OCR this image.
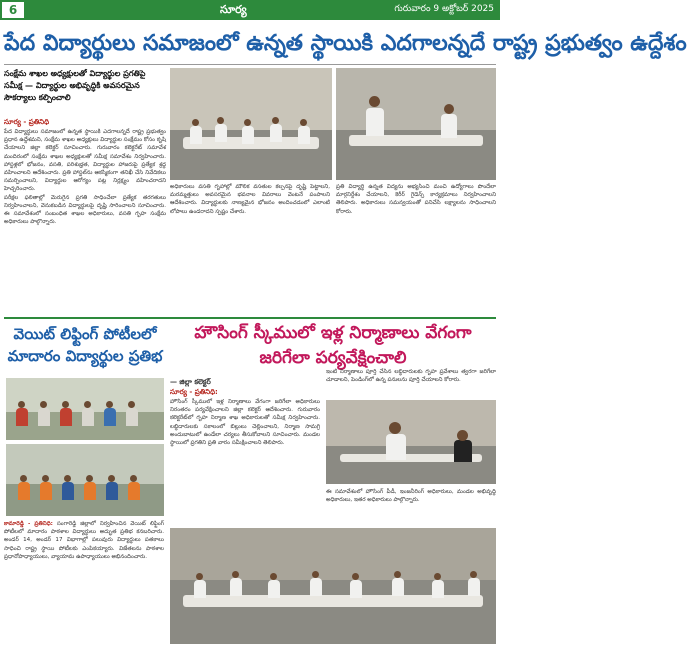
6	సూర్య	గురువారం 9 అక్టోబర్ 2025
పేద విద్యార్థులు సమాజంలో ఉన్నత స్థాయికి ఎదగాలన్నదే రాష్ట్ర ప్రభుత్వం ఉద్దేశం
సంక్షేమ శాఖల అధ్యక్షులతో విద్యార్థుల ప్రగతిపై సమీక్ష — విద్యార్థుల అభివృద్ధికి అవసరమైన సౌకర్యాలు కల్పించాలి
సూర్య - ప్రతినిధి

పేద విద్యార్థులు సమాజంలో ఉన్నత స్థాయికి ఎదగాలన్నదే రాష్ట్ర ప్రభుత్వం ప్రధాన ఉద్దేశమని, సంక్షేమ శాఖల అధ్యక్షులు విద్యార్థుల సంక్షేమం కోసం కృషి చేయాలని జిల్లా కలెక్టర్ సూచించారు. గురువారం కలెక్టరేట్ సమావేశ మందిరంలో సంక్షేమ శాఖల అధ్యక్షులతో సమీక్ష సమావేశం నిర్వహించారు. హాస్టళ్లలో భోజనం, వసతి, పరిశుభ్రత, విద్యార్థుల హాజరుపై ప్రత్యేక శ్రద్ధ వహించాలని ఆదేశించారు. ప్రతి హాస్టల్‌ను ఆకస్మికంగా తనిఖీ చేసి నివేదికలు సమర్పించాలని, విద్యార్థుల ఆరోగ్యం పట్ల నిర్లక్ష్యం వహించరాదని హెచ్చరించారు.

పరీక్షల ఫలితాల్లో మెరుగైన ప్రగతి సాధించేలా ప్రత్యేక తరగతులు నిర్వహించాలని, వెనుకబడిన విద్యార్థులపై దృష్టి సారించాలని సూచించారు. ఈ సమావేశంలో సంబంధిత శాఖల అధికారులు, వసతి గృహ సంక్షేమ అధికారులు పాల్గొన్నారు.

అధికారులు వసతి గృహాల్లో మౌలిక వసతుల కల్పనపై దృష్టి పెట్టాలని, మరమ్మత్తులు అవసరమైన భవనాల వివరాలు వెంటనే పంపాలని ఆదేశించారు. విద్యార్థులకు నాణ్యమైన భోజనం అందించడంలో ఎలాంటి లోపాలు ఉండరాదని స్పష్టం చేశారు.

ప్రతి విద్యార్థి ఉన్నత విద్యను అభ్యసించి మంచి ఉద్యోగాలు పొందేలా మార్గనిర్దేశం చేయాలని, కెరీర్ గైడెన్స్ కార్యక్రమాలు నిర్వహించాలని తెలిపారు. అధికారులు సమన్వయంతో పనిచేసి లక్ష్యాలను సాధించాలని కోరారు.

వెయిట్ లిఫ్టింగ్ పోటీలలో మాదారం విద్యార్థుల ప్రతిభ

కామారెడ్డి - ప్రతినిధి: సంగారెడ్డి జిల్లాలో నిర్వహించిన వెయిట్ లిఫ్టింగ్ పోటీలలో మాదారం పాఠశాల విద్యార్థులు అద్భుత ప్రతిభ కనబరిచారు. అండర్ 14, అండర్ 17 విభాగాల్లో పలువురు విద్యార్థులు పతకాలు సాధించి రాష్ట్ర స్థాయి పోటీలకు ఎంపికయ్యారు. విజేతలను పాఠశాల ప్రధానోపాధ్యాయులు, వ్యాయామ ఉపాధ్యాయులు అభినందించారు.

హౌసింగ్ స్కీములో ఇళ్ల నిర్మాణాలు వేగంగా జరిగేలా పర్యవేక్షించాలి
— జిల్లా కలెక్టర్
సూర్య - ప్రతినిధి:

హౌసింగ్ స్కీములో ఇళ్ల నిర్మాణాలు వేగంగా జరిగేలా అధికారులు నిరంతరం పర్యవేక్షించాలని జిల్లా కలెక్టర్ ఆదేశించారు. గురువారం కలెక్టరేట్‌లో గృహ నిర్మాణ శాఖ అధికారులతో సమీక్ష నిర్వహించారు. లబ్ధిదారులకు సకాలంలో బిల్లులు చెల్లించాలని, నిర్మాణ సామగ్రి అందుబాటులో ఉండేలా చర్యలు తీసుకోవాలని సూచించారు. మండల స్థాయిలో ప్రగతిని ప్రతి వారం సమీక్షించాలని తెలిపారు.

ఇంటి నిర్మాణాలు పూర్తి చేసిన లబ్ధిదారులకు గృహ ప్రవేశాలు త్వరగా జరిగేలా చూడాలని, పెండింగ్‌లో ఉన్న పనులను పూర్తి చేయాలని కోరారు.

ఈ సమావేశంలో హౌసింగ్ పీడీ, ఇంజనీరింగ్ అధికారులు, మండల అభివృద్ధి అధికారులు, ఇతర అధికారులు పాల్గొన్నారు.
